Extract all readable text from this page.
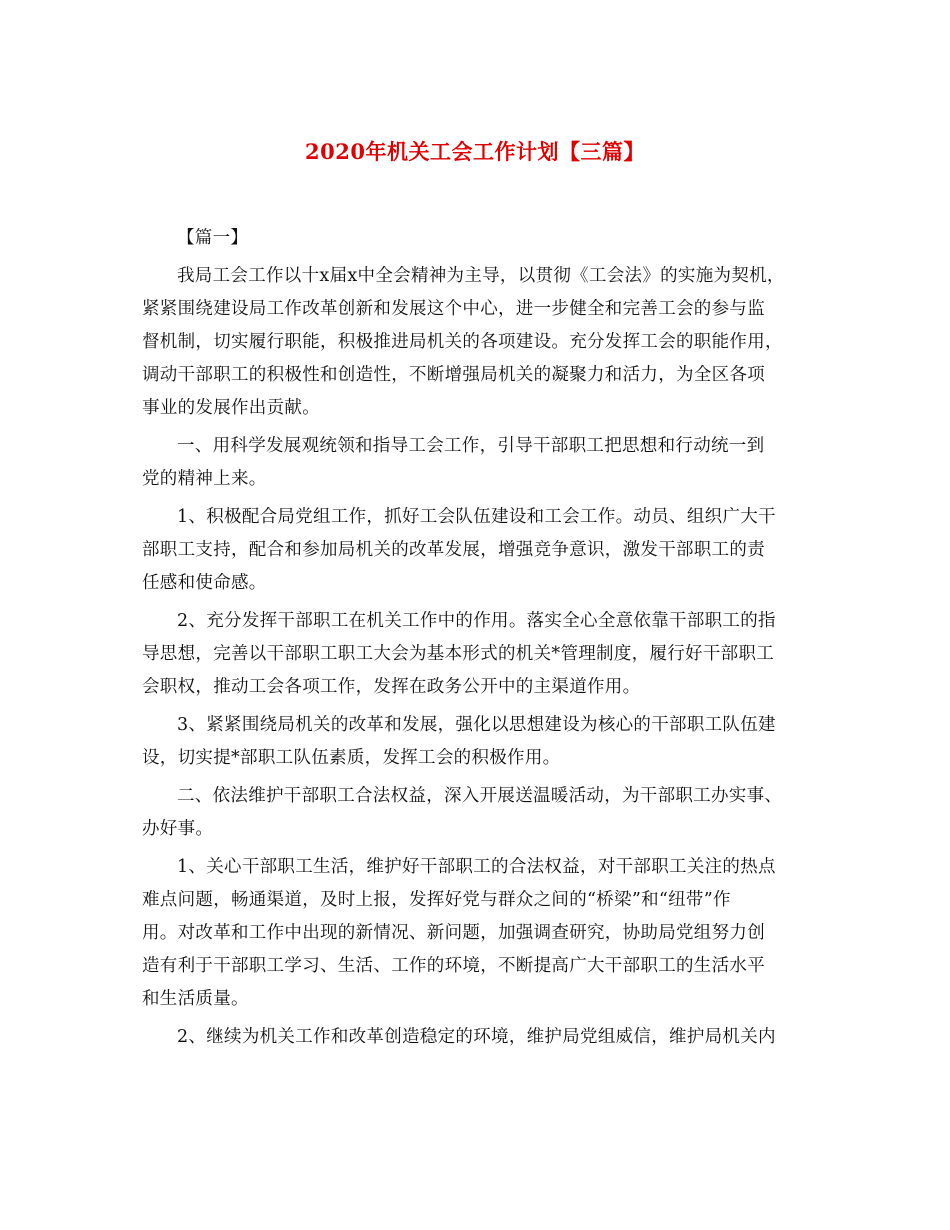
2020年机关工会工作计划【三篇】
【篇一】
我局工会工作以十x届x中全会精神为主导，以贯彻《工会法》的实施为契机，
紧紧围绕建设局工作改革创新和发展这个中心，进一步健全和完善工会的参与监
督机制，切实履行职能，积极推进局机关的各项建设。充分发挥工会的职能作用，
调动干部职工的积极性和创造性，不断增强局机关的凝聚力和活力，为全区各项
事业的发展作出贡献。
一、用科学发展观统领和指导工会工作，引导干部职工把思想和行动统一到
党的精神上来。
1、积极配合局党组工作，抓好工会队伍建设和工会工作。动员、组织广大干
部职工支持，配合和参加局机关的改革发展，增强竞争意识，激发干部职工的责
任感和使命感。
2、充分发挥干部职工在机关工作中的作用。落实全心全意依靠干部职工的指
导思想，完善以干部职工职工大会为基本形式的机关*管理制度，履行好干部职工
会职权，推动工会各项工作，发挥在政务公开中的主渠道作用。
3、紧紧围绕局机关的改革和发展，强化以思想建设为核心的干部职工队伍建
设，切实提*部职工队伍素质，发挥工会的积极作用。
二、依法维护干部职工合法权益，深入开展送温暖活动，为干部职工办实事、
办好事。
1、关心干部职工生活，维护好干部职工的合法权益，对干部职工关注的热点
难点问题，畅通渠道，及时上报，发挥好党与群众之间的“桥梁”和“纽带”作
用。对改革和工作中出现的新情况、新问题，加强调查研究，协助局党组努力创
造有利于干部职工学习、生活、工作的环境，不断提高广大干部职工的生活水平
和生活质量。
2、继续为机关工作和改革创造稳定的环境，维护局党组威信，维护局机关内
